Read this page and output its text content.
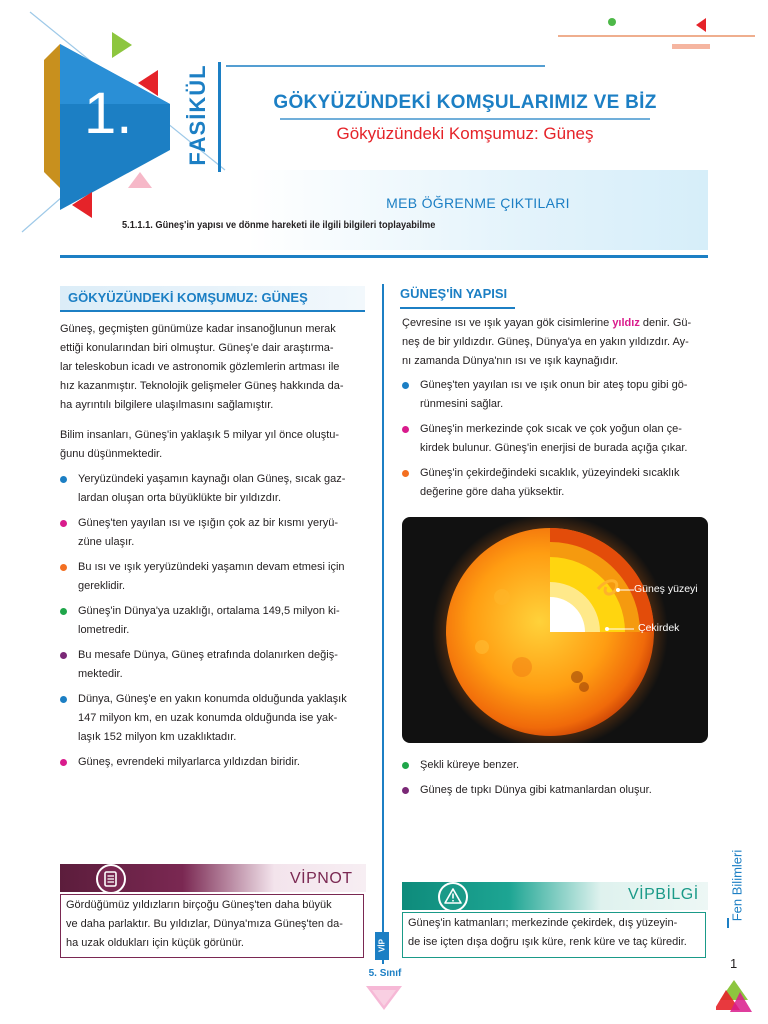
1. FASİKÜL	GÖKYÜZÜNDEKİ KOMŞULARIMIZ VE BİZ
Gökyüzündeki Komşumuz: Güneş
MEB ÖĞRENME ÇIKTILARI
5.1.1.1. Güneş'in yapısı ve dönme hareketi ile ilgili bilgileri toplayabilme
GÖKYÜZÜNDEKİ KOMŞUMUZ: GÜNEŞ
Güneş, geçmişten günümüze kadar insanoğlunun merak
ettiği konularından biri olmuştur. Güneş'e dair araştırma-
lar teleskobun icadı ve astronomik gözlemlerin artması ile
hız kazanmıştır. Teknolojik gelişmeler Güneş hakkında da-
ha ayrıntılı bilgilere ulaşılmasını sağlamıştır.
Bilim insanları, Güneş'in yaklaşık 5 milyar yıl önce oluştu-
ğunu düşünmektedir.
Yeryüzündeki yaşamın kaynağı olan Güneş, sıcak gaz-
lardan oluşan orta büyüklükte bir yıldızdır.
Güneş'ten yayılan ısı ve ışığın çok az bir kısmı yeryü-
züne ulaşır.
Bu ısı ve ışık yeryüzündeki yaşamın devam etmesi için
gereklidir.
Güneş'in Dünya'ya uzaklığı, ortalama 149,5 milyon ki-
lometredir.
Bu mesafe Dünya, Güneş etrafında dolanırken değiş-
mektedir.
Dünya, Güneş'e en yakın konumda olduğunda yaklaşık
147 milyon km, en uzak konumda olduğunda ise yak-
laşık 152 milyon km uzaklıktadır.
Güneş, evrendeki milyarlarca yıldızdan biridir.
GÜNEŞ'İN YAPISI
Çevresine ısı ve ışık yayan gök cisimlerine yıldız denir. Gü-
neş de bir yıldızdır. Güneş, Dünya'ya en yakın yıldızdır. Ay-
nı zamanda Dünya'nın ısı ve ışık kaynağıdır.
Güneş'ten yayılan ısı ve ışık onun bir ateş topu gibi gö-
rünmesini sağlar.
Güneş'in merkezinde çok sıcak ve çok yoğun olan çe-
kirdek bulunur. Güneş'in enerjisi de burada açığa çıkar.
Güneş'in çekirdeğindeki sıcaklık, yüzeyindeki sıcaklık
değerine göre daha yüksektir.
Güneş yüzeyi
Çekirdek
Şekli küreye benzer.
Güneş de tıpkı Dünya gibi katmanlardan oluşur.
VİPNOT
Gördüğümüz yıldızların birçoğu Güneş'ten daha büyük
ve daha parlaktır. Bu yıldızlar, Dünya'mıza Güneş'ten da-
ha uzak oldukları için küçük görünür.	VİP
VİPBİLGİ
Güneş'in katmanları; merkezinde çekirdek, dış yüzeyin-
de ise içten dışa doğru ışık küre, renk küre ve taç küredir.
5. Sınıf
Fen Bilimleri
1
